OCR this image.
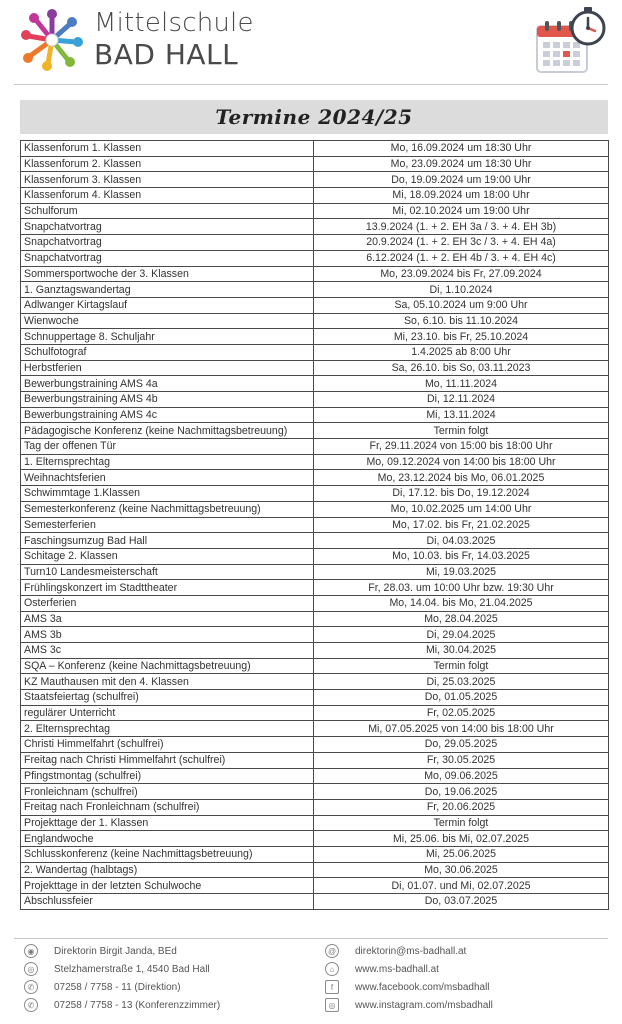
Mittelschule
BAD HALL
Termine 2024/25
Klassenforum 1. Klassen	Mo, 16.09.2024 um 18:30 Uhr
Klassenforum 2. Klassen	Mo, 23.09.2024 um 18:30 Uhr
Klassenforum 3. Klassen	Do, 19.09.2024 um 19:00 Uhr
Klassenforum 4. Klassen	Mi, 18.09.2024 um 18:00 Uhr
Schulforum	Mi, 02.10.2024 um 19:00 Uhr
Snapchatvortrag	13.9.2024 (1. + 2. EH 3a / 3. + 4. EH 3b)
Snapchatvortrag	20.9.2024 (1. + 2. EH 3c / 3. + 4. EH 4a)
Snapchatvortrag	6.12.2024 (1. + 2. EH 4b / 3. + 4. EH 4c)
Sommersportwoche der 3. Klassen	Mo, 23.09.2024 bis Fr, 27.09.2024
1. Ganztagswandertag	Di, 1.10.2024
Adlwanger Kirtagslauf	Sa, 05.10.2024 um 9:00 Uhr
Wienwoche	So, 6.10. bis 11.10.2024
Schnuppertage 8. Schuljahr	Mi, 23.10. bis Fr, 25.10.2024
Schulfotograf	1.4.2025 ab 8:00 Uhr
Herbstferien	Sa, 26.10. bis So, 03.11.2023
Bewerbungstraining AMS 4a	Mo, 11.11.2024
Bewerbungstraining AMS 4b	Di, 12.11.2024
Bewerbungstraining AMS 4c	Mi, 13.11.2024
Pädagogische Konferenz (keine Nachmittagsbetreuung)	Termin folgt
Tag der offenen Tür	Fr, 29.11.2024 von 15:00 bis 18:00 Uhr
1. Elternsprechtag	Mo, 09.12.2024 von 14:00 bis 18:00 Uhr
Weihnachtsferien	Mo, 23.12.2024 bis Mo, 06.01.2025
Schwimmtage 1.Klassen	Di, 17.12. bis Do, 19.12.2024
Semesterkonferenz (keine Nachmittagsbetreuung)	Mo, 10.02.2025 um 14:00 Uhr
Semesterferien	Mo, 17.02. bis Fr, 21.02.2025
Faschingsumzug Bad Hall	Di, 04.03.2025
Schitage 2. Klassen	Mo, 10.03. bis Fr, 14.03.2025
Turn10 Landesmeisterschaft	Mi, 19.03.2025
Frühlingskonzert im Stadttheater	Fr, 28.03. um 10:00 Uhr bzw. 19:30 Uhr
Osterferien	Mo, 14.04. bis Mo, 21.04.2025
AMS 3a	Mo, 28.04.2025
AMS 3b	Di, 29.04.2025
AMS 3c	Mi, 30.04.2025
SQA – Konferenz (keine Nachmittagsbetreuung)	Termin folgt
KZ Mauthausen mit den 4. Klassen	Di, 25.03.2025
Staatsfeiertag (schulfrei)	Do, 01.05.2025
regulärer Unterricht	Fr, 02.05.2025
2. Elternsprechtag	Mi, 07.05.2025 von 14:00 bis 18:00 Uhr
Christi Himmelfahrt (schulfrei)	Do, 29.05.2025
Freitag nach Christi Himmelfahrt (schulfrei)	Fr, 30.05.2025
Pfingstmontag (schulfrei)	Mo, 09.06.2025
Fronleichnam (schulfrei)	Do, 19.06.2025
Freitag nach Fronleichnam (schulfrei)	Fr, 20.06.2025
Projekttage der 1. Klassen	Termin folgt
Englandwoche	Mi, 25.06. bis Mi, 02.07.2025
Schlusskonferenz (keine Nachmittagsbetreuung)	Mi, 25.06.2025
2. Wandertag (halbtags)	Mo, 30.06.2025
Projekttage in der letzten Schulwoche	Di, 01.07. und Mi, 02.07.2025
Abschlussfeier	Do, 03.07.2025
◉	Direktorin Birgit Janda, BEd
◎	Stelzhamerstraße 1, 4540 Bad Hall
✆	07258 / 7758 - 11 (Direktion)
✆	07258 / 7758 - 13 (Konferenzzimmer)
@ direktorin@ms-badhall.at
⌂	www.ms-badhall.at
f	www.facebook.com/msbadhall
◎	www.instagram.com/msbadhall
